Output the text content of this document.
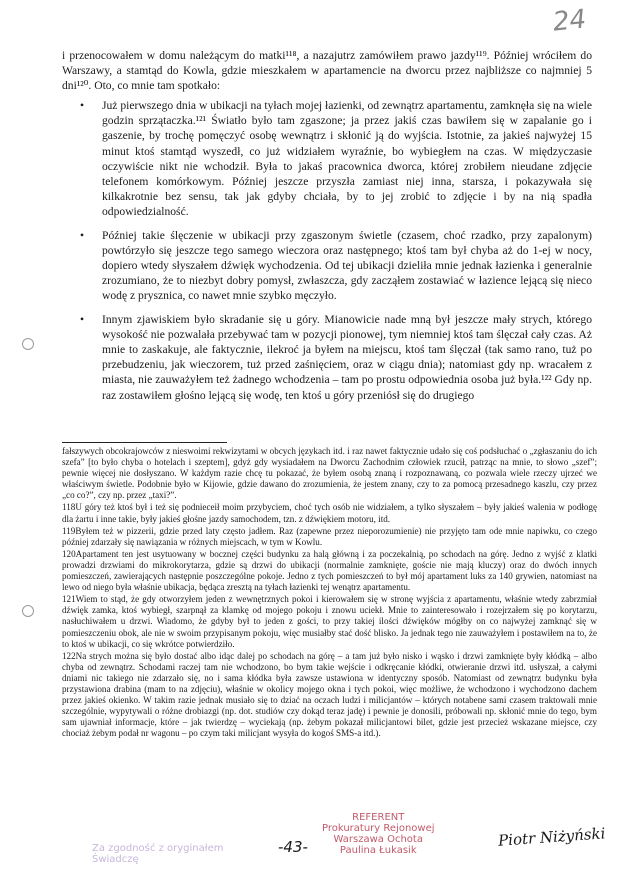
24
i przenocowałem w domu należącym do matki¹¹⁸, a nazajutrz zamówiłem prawo jazdy¹¹⁹. Później wróciłem do Warszawy, a stamtąd do Kowla, gdzie mieszkałem w apartamencie na dworcu przez najbliższe co najmniej 5 dni¹²⁰. Oto, co mnie tam spotkało:
• Już pierwszego dnia w ubikacji na tyłach mojej łazienki, od zewnątrz apartamentu, zamknęła się na wiele godzin sprzątaczka.¹²¹ Światło było tam zgaszone; ja przez jakiś czas bawiłem się w zapalanie go i gaszenie, by trochę pomęczyć osobę wewnątrz i skłonić ją do wyjścia. Istotnie, za jakieś najwyżej 15 minut ktoś stamtąd wyszedł, co już widziałem wyraźnie, bo wybiegłem na czas. W międzyczasie oczywiście nikt nie wchodził. Była to jakaś pracownica dworca, której zrobiłem nieudane zdjęcie telefonem komórkowym. Później jeszcze przyszła zamiast niej inna, starsza, i pokazywała się kilkakrotnie bez sensu, tak jak gdyby chciała, by to jej zrobić to zdjęcie i by na nią spadła odpowiedzialność.
• Później takie ślęczenie w ubikacji przy zgaszonym świetle (czasem, choć rzadko, przy zapalonym) powtórzyło się jeszcze tego samego wieczora oraz następnego; ktoś tam był chyba aż do 1-ej w nocy, dopiero wtedy słyszałem dźwięk wychodzenia. Od tej ubikacji dzieliła mnie jednak łazienka i generalnie zrozumiano, że to niezbyt dobry pomysł, zwłaszcza, gdy zacząłem zostawiać w łazience lejącą się nieco wodę z prysznica, co nawet mnie szybko męczyło.
• Innym zjawiskiem było skradanie się u góry. Mianowicie nade mną był jeszcze mały strych, którego wysokość nie pozwalała przebywać tam w pozycji pionowej, tym niemniej ktoś tam ślęczał cały czas. Aż mnie to zaskakuje, ale faktycznie, ilekroć ja byłem na miejscu, ktoś tam ślęczał (tak samo rano, tuż po przebudzeniu, jak wieczorem, tuż przed zaśnięciem, oraz w ciągu dnia); natomiast gdy np. wracałem z miasta, nie zauważyłem też żadnego wchodzenia – tam po prostu odpowiednia osoba już była.¹²² Gdy np. raz zostawiłem głośno lejącą się wodę, ten ktoś u góry przeniósł się do drugiego
fałszywych obcokrajowców z nieswoimi rekwizytami w obcych językach itd. i raz nawet faktycznie udało się coś podsłuchać o „zgłaszaniu do ich szefa” [to było chyba o hotelach i szeptem], gdyż gdy wysiadałem na Dworcu Zachodnim człowiek rzucił, patrząc na mnie, to słowo „szef”; pewnie więcej nie dosłyszano. W każdym razie chcę tu pokazać, że byłem osobą znaną i rozpoznawaną, co pozwala wiele rzeczy ujrzeć we właściwym świetle. Podobnie było w Kijowie, gdzie dawano do zrozumienia, że jestem znany, czy to za pomocą przesadnego kaszlu, czy przez „co co?”, czy np. przez „taxi?”.
118U góry też ktoś był i też się podnieceił moim przybyciem, choć tych osób nie widziałem, a tylko słyszałem – były jakieś walenia w podłogę dla żartu i inne takie, były jakieś głośne jazdy samochodem, tzn. z dźwiękiem motoru, itd.
119Byłem też w pizzerii, gdzie przed laty często jadłem. Raz (zapewne przez nieporozumienie) nie przyjęto tam ode mnie napiwku, co czego później zdarzały się nawiązania w różnych miejscach, w tym w Kowlu.
120Apartament ten jest usytuowany w bocznej części budynku za halą główną i za poczekalnią, po schodach na górę. Jedno z wyjść z klatki prowadzi drzwiami do mikrokorytarza, gdzie są drzwi do ubikacji (normalnie zamknięte, goście nie mają kluczy) oraz do dwóch innych pomieszczeń, zawierających następnie poszczególne pokoje. Jedno z tych pomieszczeń to był mój apartament luks za 140 grywien, natomiast na lewo od niego była właśnie ubikacja, będąca zresztą na tyłach łazienki tej wenątrz apartamentu.
121Wiem to stąd, że gdy otworzyłem jeden z wewnętrznych pokoi i kierowałem się w stronę wyjścia z apartamentu, właśnie wtedy zabrzmiał dźwięk zamka, ktoś wybiegł, szarpnął za klamkę od mojego pokoju i znowu uciekł. Mnie to zainteresowało i rozejrzałem się po korytarzu, nasłuchiwałem u drzwi. Wiadomo, że gdyby był to jeden z gości, to przy takiej ilości dźwięków mógłby on co najwyżej zamknąć się w pomieszczeniu obok, ale nie w swoim przypisanym pokoju, więc musiałby stać dość blisko. Ja jednak tego nie zauważyłem i postawiłem na to, że to ktoś w ubikacji, co się wkrótce potwierdziło.
122Na strych można się było dostać albo idąc dalej po schodach na górę – a tam już było nisko i wąsko i drzwi zamknięte były kłódką – albo chyba od zewnątrz. Schodami raczej tam nie wchodzono, bo bym takie wejście i odkręcanie kłódki, otwieranie drzwi itd. usłyszał, a całymi dniami nic takiego nie zdarzało się, no i sama kłódka była zawsze ustawiona w identyczny sposób. Natomiast od zewnątrz budynku była przystawiona drabina (mam to na zdjęciu), właśnie w okolicy mojego okna i tych pokoi, więc możliwe, że wchodzono i wychodzono dachem przez jakieś okienko. W takim razie jednak musiało się to dziać na oczach ludzi i milicjantów – których notabene sami czasem traktowali mnie szczególnie, wypytywali o różne drobiazgi (np. dot. studiów czy dokąd teraz jadę) i pewnie je donosili, próbowali np. skłonić mnie do tego, bym sam ujawniał informacje, które – jak twierdzę – wyciekają (np. żebym pokazał milicjantowi bilet, gdzie jest przecież wskazane miejsce, czy chociaż żebym podał nr wagonu – po czym taki milicjant wysyła do kogoś SMS-a itd.).
Za zgodność z oryginałem
Świadczę
REFERENT
Prokuratury Rejonowej
Warszawa Ochota
Paulina Łukasik
-43-	Piotr Niżyński
